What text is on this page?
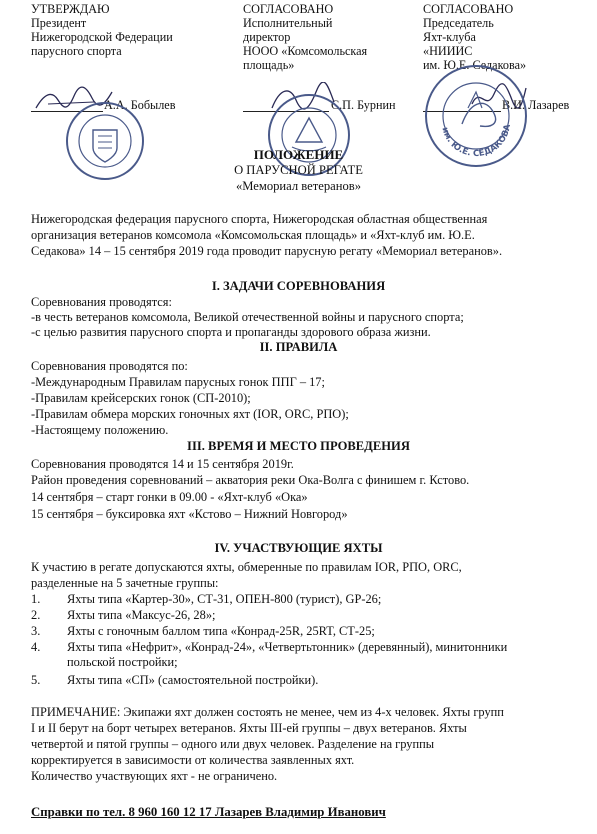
УТВЕРЖДАЮ
Президент
Нижегородской Федерации
парусного спорта
А.А. Бобылев
СОГЛАСОВАНО
Исполнительный
директор
НООО «Комсомольская
площадь»
С.П. Бурнин
СОГЛАСОВАНО
Председатель
Яхт-клуба
«НИИИС
им. Ю.Е. Седакова»
В.И. Лазарев
им. Ю.Е. СЕДАКОВА
ПОЛОЖЕНИЕ
О ПАРУСНОЙ РЕГАТЕ
«Мемориал ветеранов»
Нижегородская федерация парусного спорта, Нижегородская областная общественная
организация ветеранов комсомола «Комсомольская площадь» и «Яхт-клуб им. Ю.Е.
Седакова» 14 – 15 сентября 2019 года проводит парусную регату «Мемориал ветеранов».
I. ЗАДАЧИ СОРЕВНОВАНИЯ
Соревнования проводятся:
-в честь ветеранов комсомола, Великой отечественной войны и парусного спорта;
-с целью развития парусного спорта и пропаганды здорового образа жизни.
II. ПРАВИЛА
Соревнования проводятся по:
-Международным Правилам парусных гонок ППГ – 17;
-Правилам крейсерских гонок (СП-2010);
-Правилам обмера морских гоночных яхт (IOR, ORC, РПО);
-Настоящему положению.
III. ВРЕМЯ И МЕСТО ПРОВЕДЕНИЯ
Соревнования проводятся 14 и 15 сентября 2019г.
Район проведения соревнований – акватория реки Ока-Волга с финишем г. Кстово.
14 сентября – старт гонки в 09.00 - «Яхт-клуб «Ока»
15 сентября – буксировка яхт «Кстово – Нижний Новгород»
IV. УЧАСТВУЮЩИЕ ЯХТЫ
К участию в регате допускаются яхты, обмеренные по правилам IOR, РПО, ORC,
разделенные на 5 зачетные группы:
1. Яхты типа «Картер-30», СТ-31, ОПЕН-800 (турист), GP-26;
2. Яхты типа «Максус-26, 28»;
3. Яхты с гоночным баллом типа «Конрад-25R, 25RT, СТ-25;
4. Яхты типа «Нефрит», «Конрад-24», «Четвертьтонник» (деревянный), минитонники
польской постройки;
5. Яхты типа «СП» (самостоятельной постройки).
ПРИМЕЧАНИЕ: Экипажи яхт должен состоять не менее, чем из 4-х человек. Яхты групп
I и II берут на борт четырех ветеранов. Яхты III-ей группы – двух ветеранов. Яхты
четвертой и пятой группы – одного или двух человек. Разделение на группы
корректируется в зависимости от количества заявленных яхт.
Количество участвующих яхт - не ограничено.
Справки по тел. 8 960 160 12 17 Лазарев Владимир Иванович
